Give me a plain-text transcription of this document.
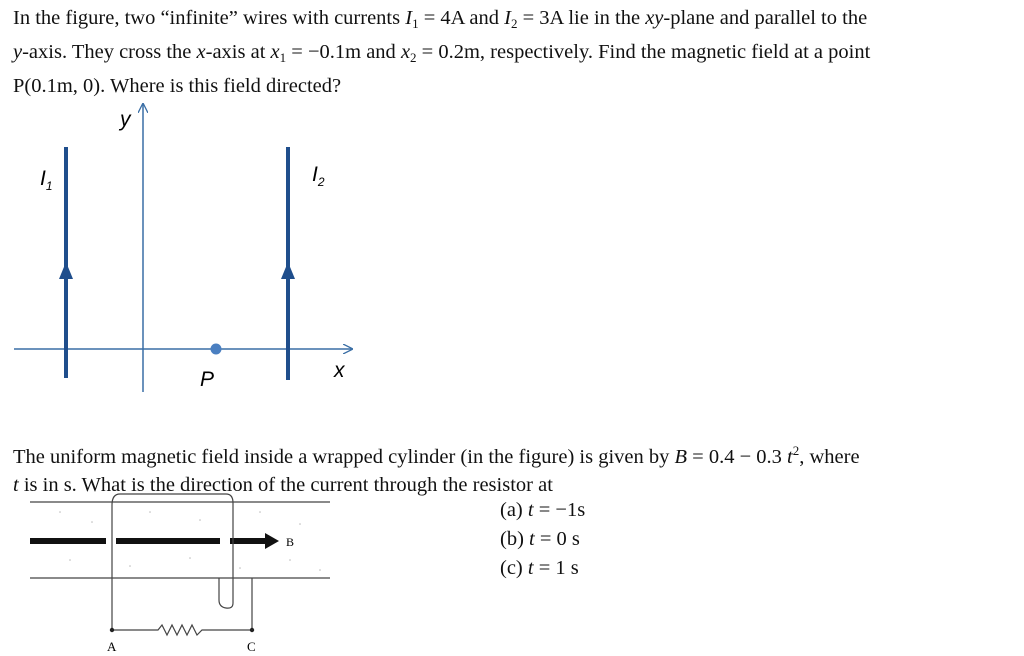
In the figure, two “infinite” wires with currents $I_1 = 4A$ and $I_2 = 3A$ lie in the xy-plane and parallel to the
y-axis. They cross the x-axis at $x_1 = -0.1m$ and $x_2 = 0.2m$, respectively. Find the magnetic field at a point
P(0.1m, 0). Where is this field directed?

y
x
P
$I_1$	$I_2$

The uniform magnetic field inside a wrapped cylinder (in the figure) is given by B = 0.4 − 0.3 $t^2$, where
t is in s. What is the direction of the current through the resistor at

B
A	C

(a) t = −1s

(b) t = 0 s

(c) t = 1 s
